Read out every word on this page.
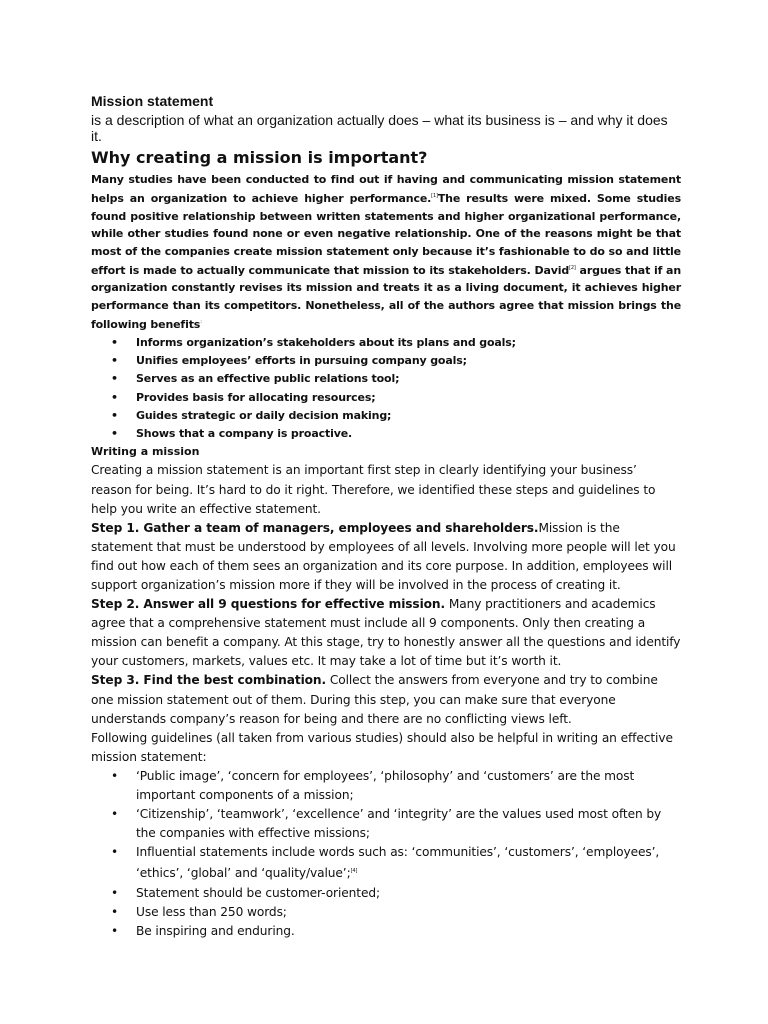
Mission statement

is a description of what an organization actually does – what its business is – and why it does it.

Why creating a mission is important?

Many studies have been conducted to find out if having and communicating mission statement helps an organization to achieve higher performance.[1]The results were mixed. Some studies found positive relationship between written statements and higher organizational performance, while other studies found none or even negative relationship. One of the reasons might be that most of the companies create mission statement only because it’s fashionable to do so and little effort is made to actually communicate that mission to its stakeholders. David[2] argues that if an organization constantly revises its mission and treats it as a living document, it achieves higher performance than its competitors. Nonetheless, all of the authors agree that mission brings the following benefits:

• Informs organization’s stakeholders about its plans and goals;
• Unifies employees’ efforts in pursuing company goals;
• Serves as an effective public relations tool;
• Provides basis for allocating resources;
• Guides strategic or daily decision making;
• Shows that a company is proactive.
Writing a mission

Creating a mission statement is an important first step in clearly identifying your business’ reason for being. It’s hard to do it right. Therefore, we identified these steps and guidelines to help you write an effective statement.

Step 1. Gather a team of managers, employees and shareholders.Mission is the statement that must be understood by employees of all levels. Involving more people will let you find out how each of them sees an organization and its core purpose. In addition, employees will support organization’s mission more if they will be involved in the process of creating it.

Step 2. Answer all 9 questions for effective mission. Many practitioners and academics agree that a comprehensive statement must include all 9 components. Only then creating a mission can benefit a company. At this stage, try to honestly answer all the questions and identify your customers, markets, values etc. It may take a lot of time but it’s worth it.

Step 3. Find the best combination. Collect the answers from everyone and try to combine one mission statement out of them. During this step, you can make sure that everyone understands company’s reason for being and there are no conflicting views left.

Following guidelines (all taken from various studies) should also be helpful in writing an effective mission statement:

• ‘Public image’, ‘concern for employees’, ‘philosophy’ and ‘customers’ are the most important components of a mission;
• ‘Citizenship’, ‘teamwork’, ‘excellence’ and ‘integrity’ are the values used most often by the companies with effective missions;
• Influential statements include words such as: ‘communities’, ‘customers’, ‘employees’, ‘ethics’, ‘global’ and ‘quality/value’;[4]
• Statement should be customer-oriented;
• Use less than 250 words;
• Be inspiring and enduring.
